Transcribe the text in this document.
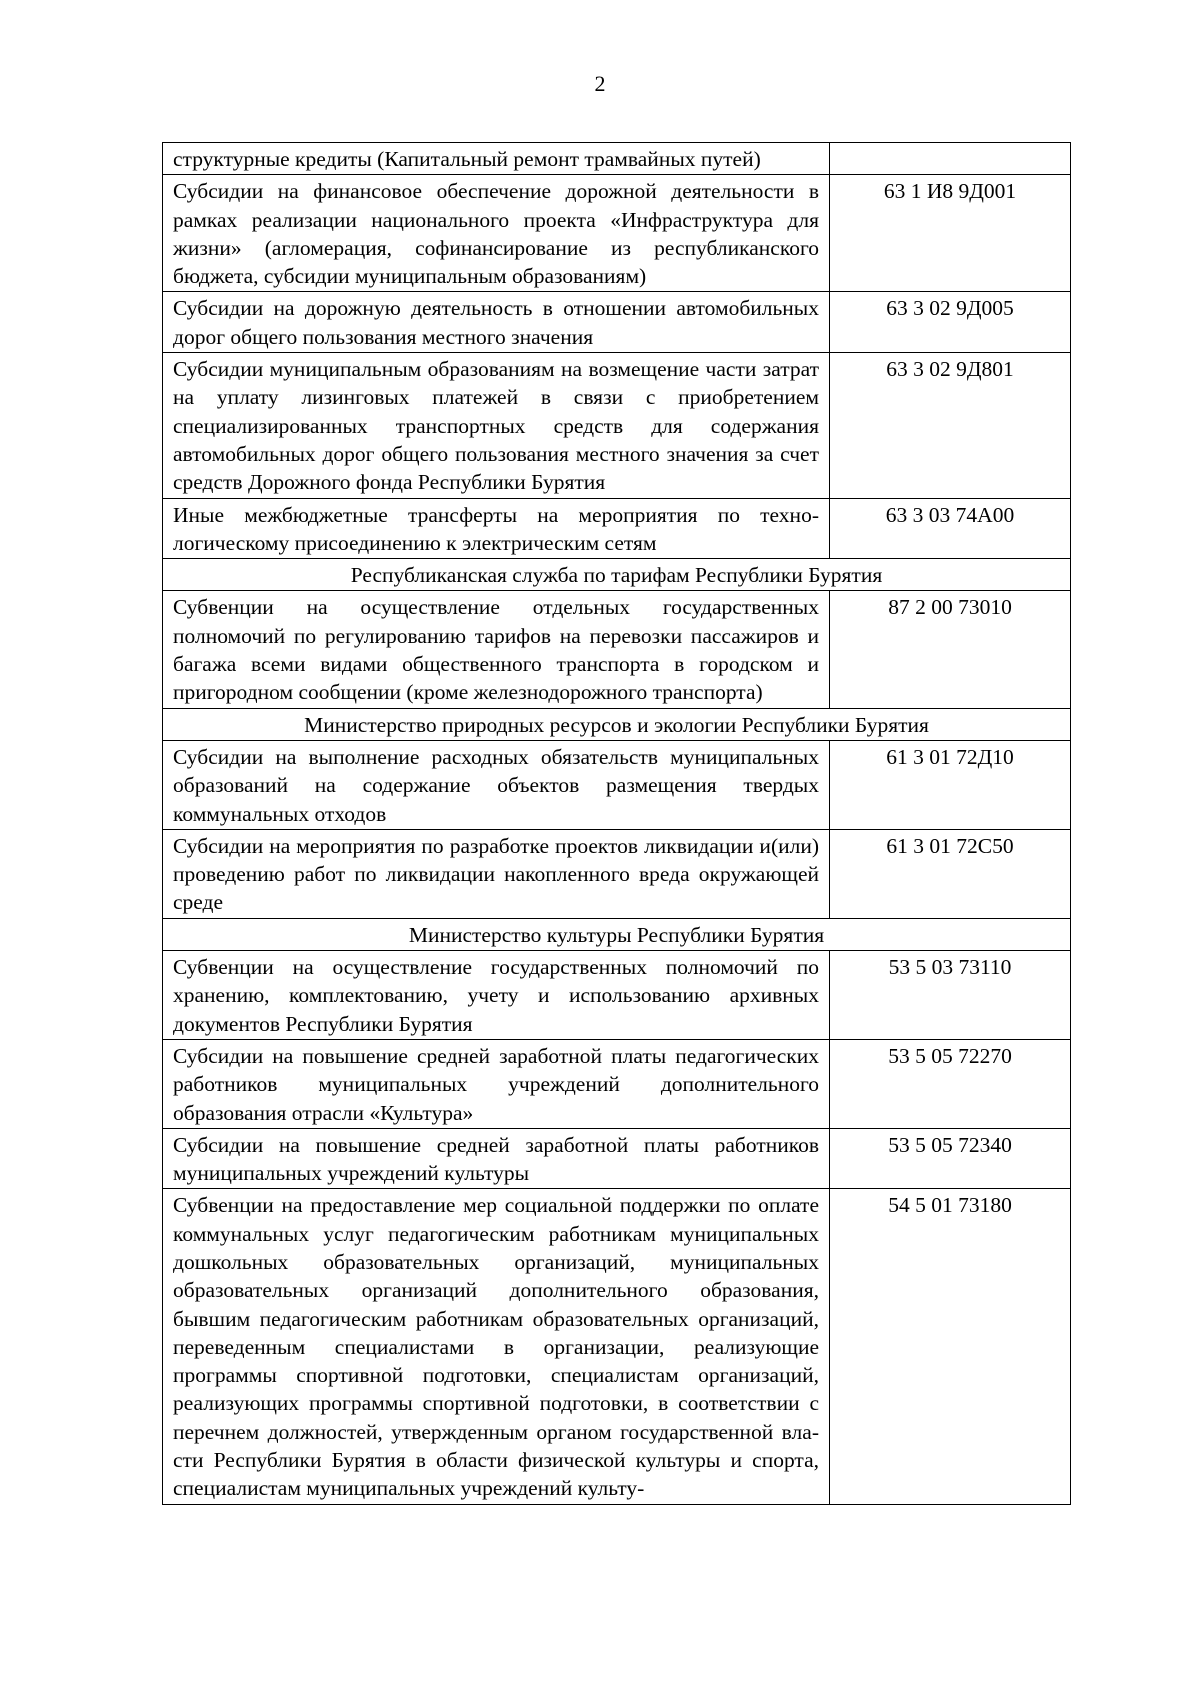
2
структурные кредиты (Капитальный ремонт трамвайных путей)	
Субсидии на финансовое обеспечение дорожной деятельности в рамках реализации национального проекта «Инфраструктура для жизни» (агломерация, софинансирование из республиканского бюджета, субсидии муниципальным образованиям)	63 1 И8 9Д001
Субсидии на дорожную деятельность в отношении автомобильных дорог общего пользования местного значения	63 3 02 9Д005
Субсидии муниципальным образованиям на возмещение части затрат на уплату лизинговых платежей в связи с приобретением специализированных транспортных средств для содержания автомобильных дорог общего пользования местного значения за счет средств Дорожного фонда Республики Бурятия	63 3 02 9Д801
Иные межбюджетные трансферты на мероприятия по технологическому присоединению к электрическим сетям	63 3 03 74А00
Республиканская служба по тарифам Республики Бурятия	
Субвенции на осуществление отдельных государственных полномочий по регулированию тарифов на перевозки пассажиров и багажа всеми видами общественного транспорта в городском и пригородном сообщении (кроме железнодорожного транспорта)	87 2 00 73010
Министерство природных ресурсов и экологии Республики Бурятия	
Субсидии на выполнение расходных обязательств муниципальных образований на содержание объектов размещения твердых коммунальных отходов	61 3 01 72Д10
Субсидии на мероприятия по разработке проектов ликвидации и(или) проведению работ по ликвидации накопленного вреда окружающей среде	61 3 01 72С50
Министерство культуры Республики Бурятия	
Субвенции на осуществление государственных полномочий по хранению, комплектованию, учету и использованию архивных документов Республики Бурятия	53 5 03 73110
Субсидии на повышение средней заработной платы педагогических работников муниципальных учреждений дополнительного образования отрасли «Культура»	53 5 05 72270
Субсидии на повышение средней заработной платы работников муниципальных учреждений культуры	53 5 05 72340
Субвенции на предоставление мер социальной поддержки по оплате коммунальных услуг педагогическим работникам муниципальных дошкольных образовательных организаций, муниципальных образовательных организаций дополнительного образования, бывшим педагогическим работникам образовательных организаций, переведенным специалистами в организации, реализующие программы спортивной подготовки, специалистам организаций, реализующих программы спортивной подготовки, в соответствии с перечнем должностей, утвержденным органом государственной власти Республики Бурятия в области физической культуры и спорта, специалистам муниципальных учреждений культу-	54 5 01 73180
